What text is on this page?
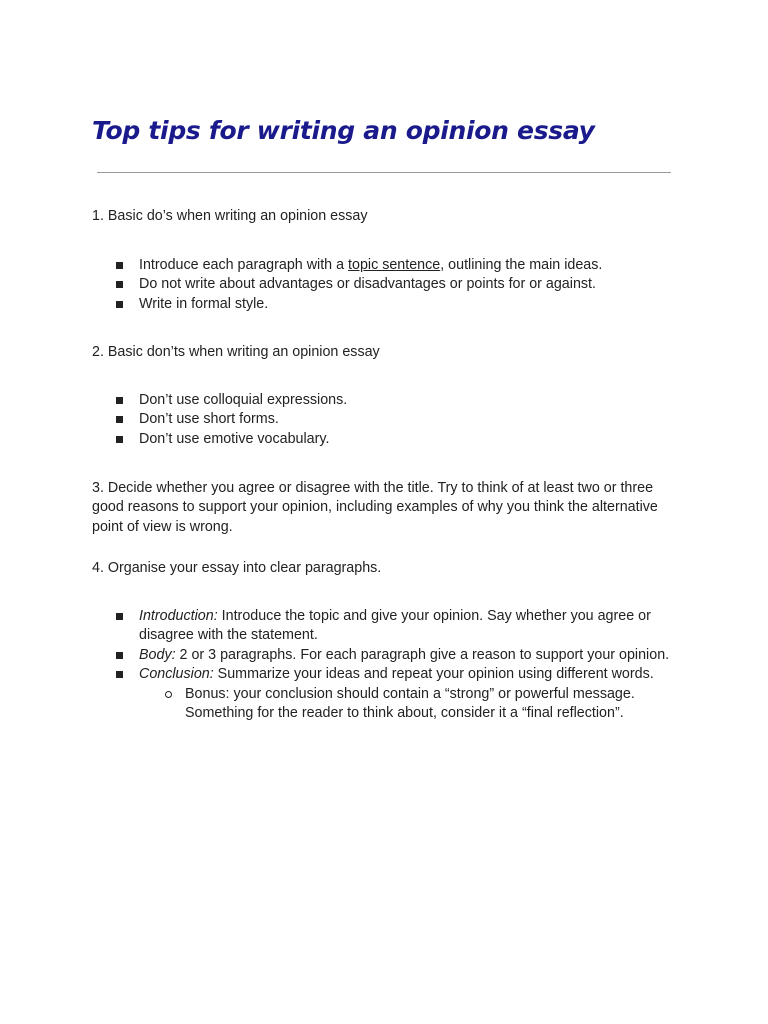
Top tips for writing an opinion essay

1. Basic do’s when writing an opinion essay

Introduce each paragraph with a topic sentence, outlining the main ideas.
Do not write about advantages or disadvantages or points for or against.
Write in formal style.

2. Basic don’ts when writing an opinion essay

Don’t use colloquial expressions.
Don’t use short forms.
Don’t use emotive vocabulary.

3. Decide whether you agree or disagree with the title. Try to think of at least two or three good reasons to support your opinion, including examples of why you think the alternative point of view is wrong.

4. Organise your essay into clear paragraphs.

Introduction: Introduce the topic and give your opinion. Say whether you agree or disagree with the statement.
Body: 2 or 3 paragraphs. For each paragraph give a reason to support your opinion.
Conclusion: Summarize your ideas and repeat your opinion using different words.
Bonus: your conclusion should contain a “strong” or powerful message. Something for the reader to think about, consider it a “final reflection”.
